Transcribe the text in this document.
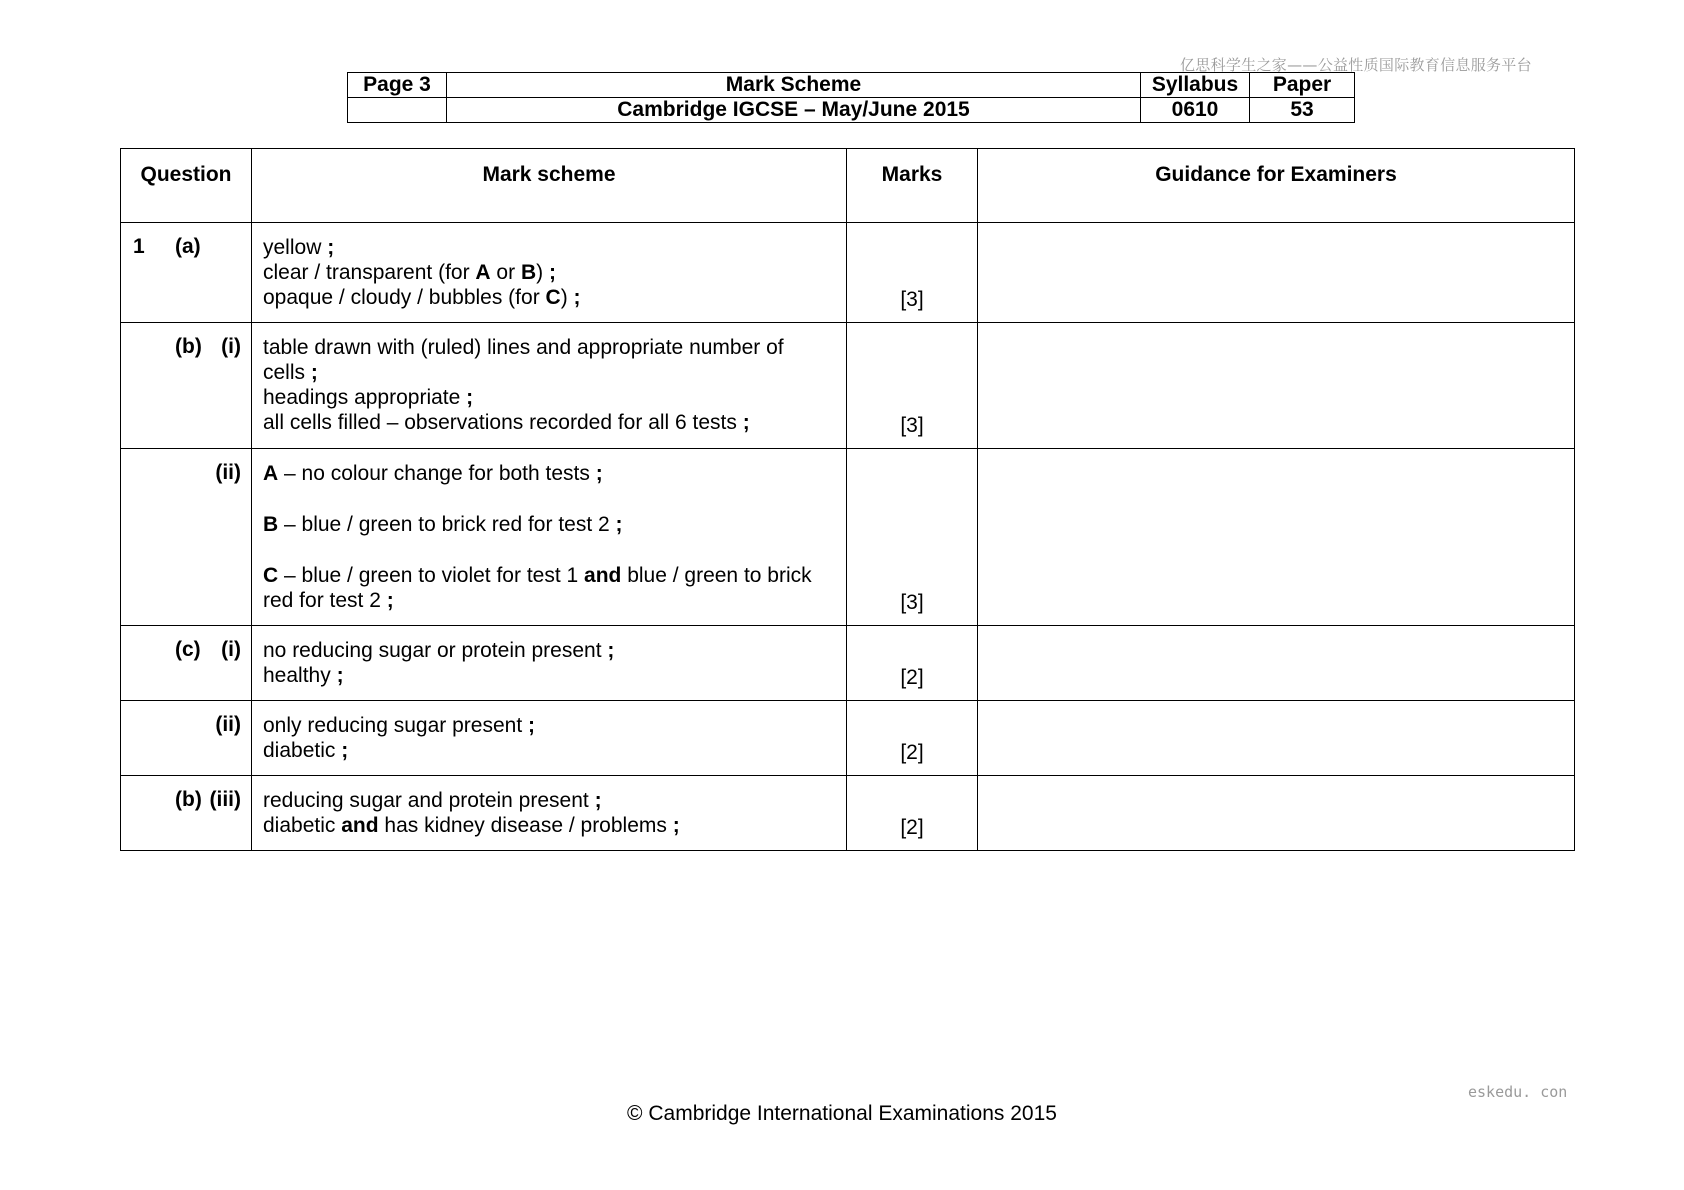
亿思科学生之家——公益性质国际教育信息服务平台
Page 3	Mark Scheme	Syllabus	Paper
	Cambridge IGCSE – May/June 2015	0610	53
Question	Mark scheme	Marks	Guidance for Examiners

1 (a)	yellow ;
clear / transparent (for A or B) ;
opaque / cloudy / bubbles (for C) ;	[3]	

(b) (i)	table drawn with (ruled) lines and appropriate number of
cells ;
headings appropriate ;
all cells filled – observations recorded for all 6 tests ;	[3]	

(ii)	A – no colour change for both tests ;
B – blue / green to brick red for test 2 ;
C – blue / green to violet for test 1 and blue / green to brick
red for test 2 ;	[3]	

(c) (i)	no reducing sugar or protein present ;
healthy ;	[2]	

(ii)	only reducing sugar present ;
diabetic ;	[2]	

(b) (iii)	reducing sugar and protein present ;
diabetic and has kidney disease / problems ;	[2]	
© Cambridge International Examinations 2015
eskedu. con
